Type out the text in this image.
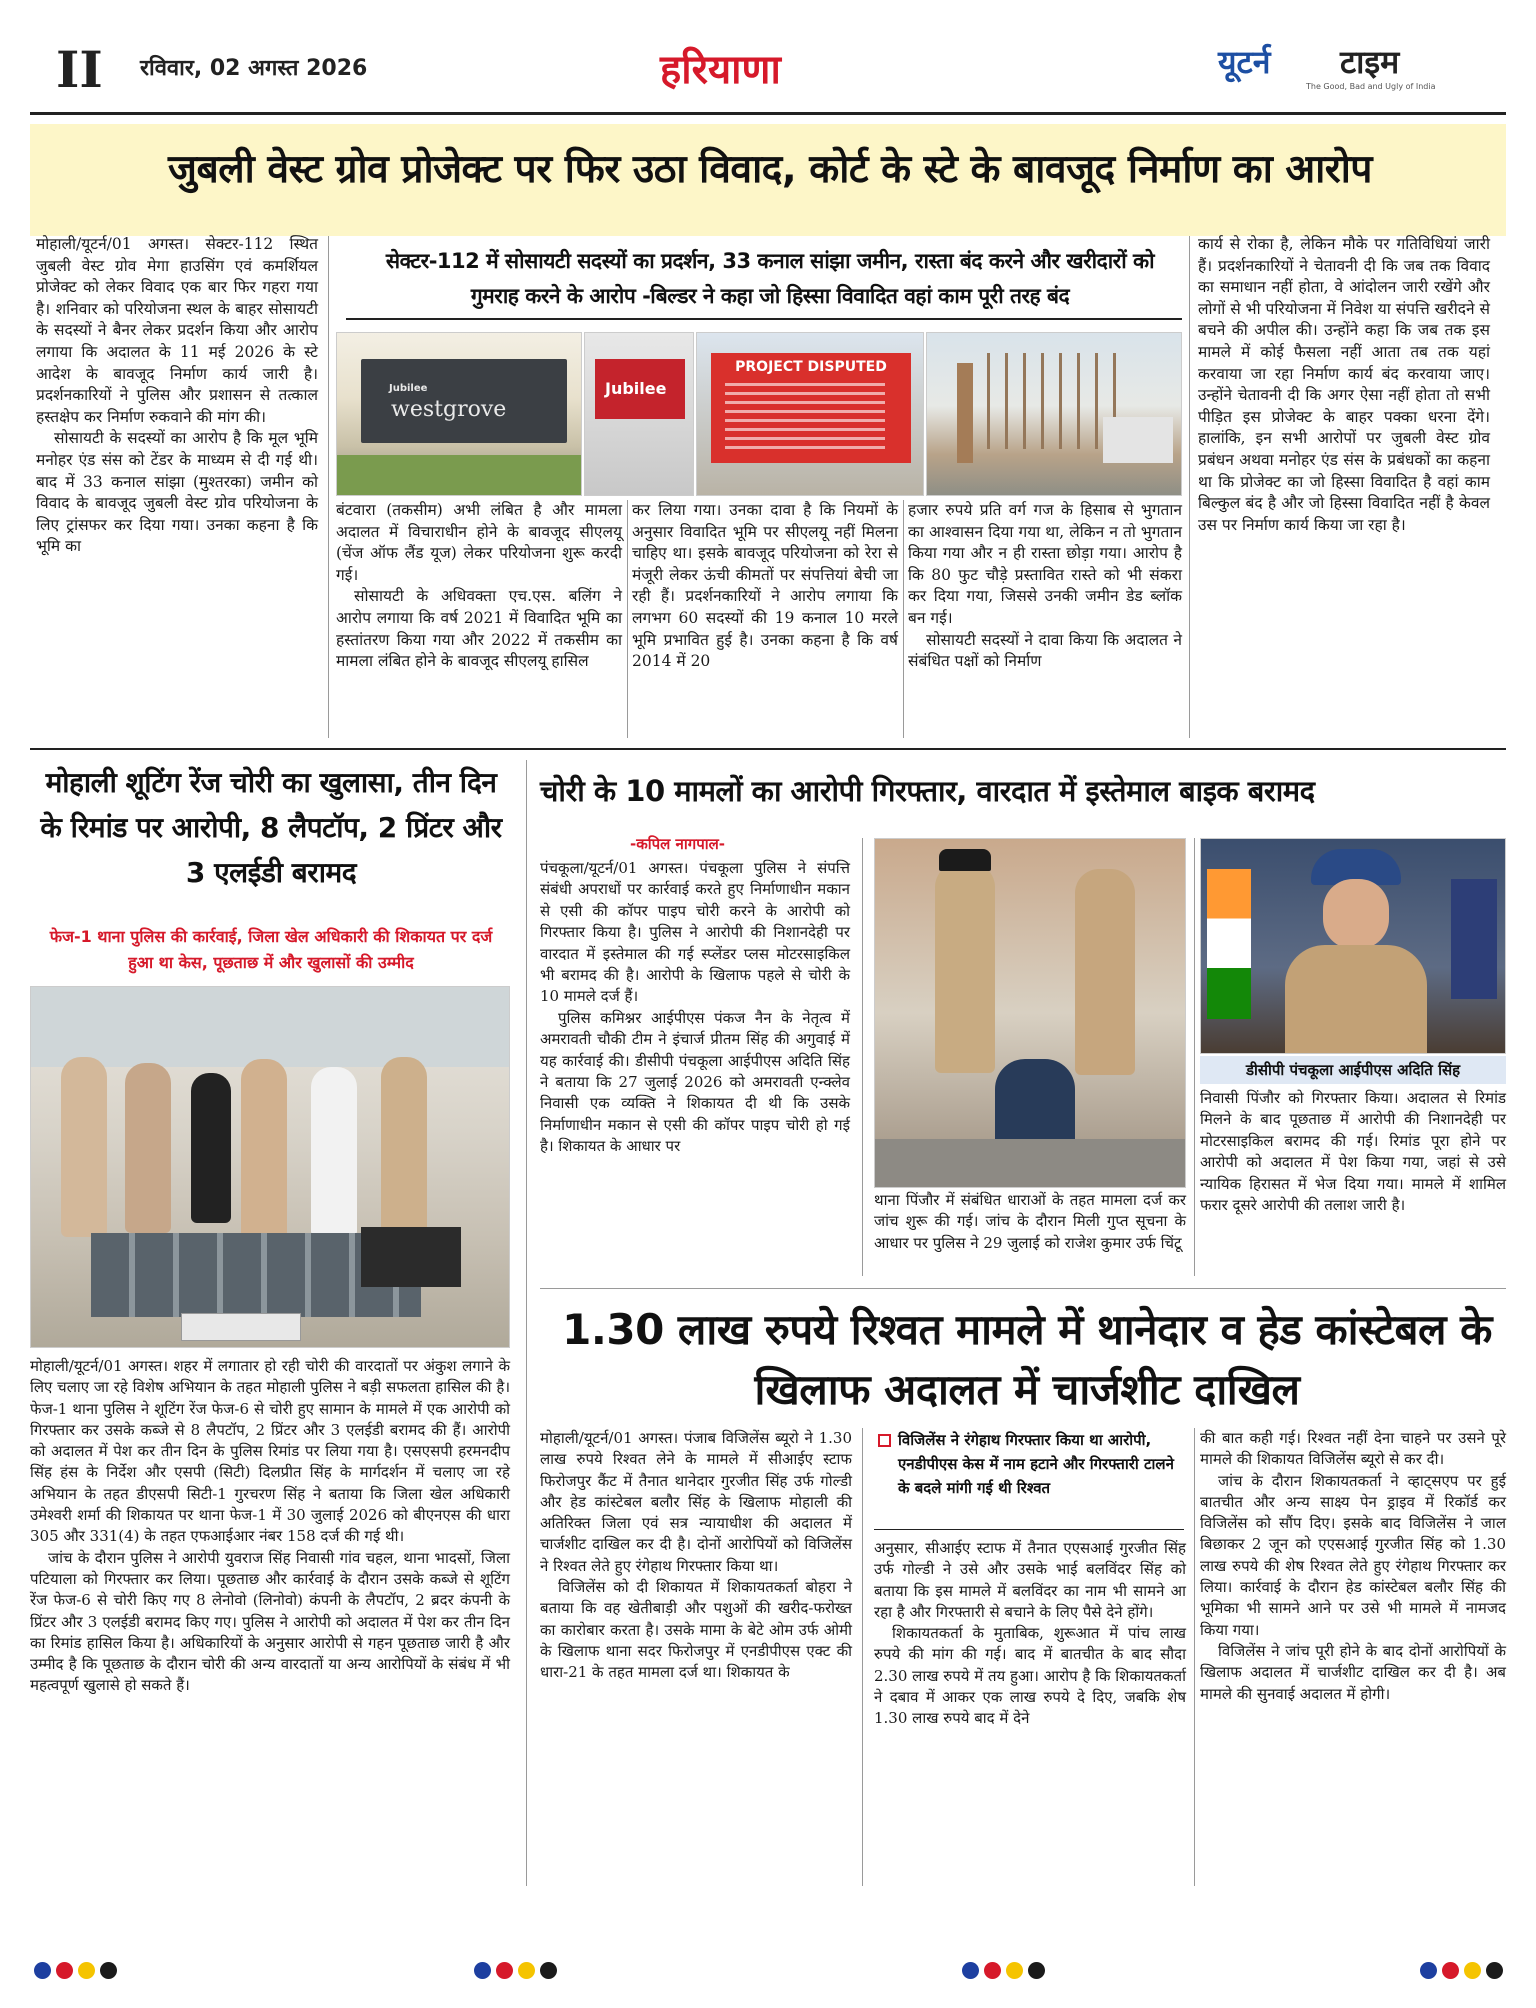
II रविवार, 02 अगस्त 2026	हरियाणा	यूटर्न टाइम
The Good, Bad and Ugly of India
जुबली वेस्ट ग्रोव प्रोजेक्ट पर फिर उठा विवाद, कोर्ट के स्टे के बावजूद निर्माण का आरोप

मोहाली/यूटर्न/01 अगस्त। सेक्टर-112 स्थित जुबली वेस्ट ग्रोव मेगा हाउसिंग एवं कमर्शियल प्रोजेक्ट को लेकर विवाद एक बार फिर गहरा गया है। शनिवार को परियोजना स्थल के बाहर सोसायटी के सदस्यों ने बैनर लेकर प्रदर्शन किया और आरोप लगाया कि अदालत के 11 मई 2026 के स्टे आदेश के बावजूद निर्माण कार्य जारी है। प्रदर्शनकारियों ने पुलिस और प्रशासन से तत्काल हस्तक्षेप कर निर्माण रुकवाने की मांग की।

सोसायटी के सदस्यों का आरोप है कि मूल भूमि मनोहर एंड संस को टेंडर के माध्यम से दी गई थी। बाद में 33 कनाल सांझा (मुश्तरका) जमीन को विवाद के बावजूद जुबली वेस्ट ग्रोव परियोजना के लिए ट्रांसफर कर दिया गया। उनका कहना है कि भूमि का

सेक्टर-112 में सोसायटी सदस्यों का प्रदर्शन, 33 कनाल सांझा जमीन, रास्ता बंद करने और खरीदारों को गुमराह करने के आरोप -बिल्डर ने कहा जो हिस्सा विवादित वहां काम पूरी तरह बंद
Jubilee
westgrove
Jubilee
PROJECT DISPUTED

बंटवारा (तकसीम) अभी लंबित है और मामला अदालत में विचाराधीन होने के बावजूद सीएलयू (चेंज ऑफ लैंड यूज) लेकर परियोजना शुरू करदी गई।

सोसायटी के अधिवक्ता एच.एस. बलिंग ने आरोप लगाया कि वर्ष 2021 में विवादित भूमि का हस्तांतरण किया गया और 2022 में तकसीम का मामला लंबित होने के बावजूद सीएलयू हासिल

कर लिया गया। उनका दावा है कि नियमों के अनुसार विवादित भूमि पर सीएलयू नहीं मिलना चाहिए था। इसके बावजूद परियोजना को रेरा से मंजूरी लेकर ऊंची कीमतों पर संपत्तियां बेची जा रही हैं। प्रदर्शनकारियों ने आरोप लगाया कि लगभग 60 सदस्यों की 19 कनाल 10 मरले भूमि प्रभावित हुई है। उनका कहना है कि वर्ष 2014 में 20

हजार रुपये प्रति वर्ग गज के हिसाब से भुगतान का आश्वासन दिया गया था, लेकिन न तो भुगतान किया गया और न ही रास्ता छोड़ा गया। आरोप है कि 80 फुट चौड़े प्रस्तावित रास्ते को भी संकरा कर दिया गया, जिससे उनकी जमीन डेड ब्लॉक बन गई।

सोसायटी सदस्यों ने दावा किया कि अदालत ने संबंधित पक्षों को निर्माण

कार्य से रोका है, लेकिन मौके पर गतिविधियां जारी हैं। प्रदर्शनकारियों ने चेतावनी दी कि जब तक विवाद का समाधान नहीं होता, वे आंदोलन जारी रखेंगे और लोगों से भी परियोजना में निवेश या संपत्ति खरीदने से बचने की अपील की। उन्होंने कहा कि जब तक इस मामले में कोई फैसला नहीं आता तब तक यहां करवाया जा रहा निर्माण कार्य बंद करवाया जाए। उन्होंने चेतावनी दी कि अगर ऐसा नहीं होता तो सभी पीड़ित इस प्रोजेक्ट के बाहर पक्का धरना देंगे। हालांकि, इन सभी आरोपों पर जुबली वेस्ट ग्रोव प्रबंधन अथवा मनोहर एंड संस के प्रबंधकों का कहना था कि प्रोजेक्ट का जो हिस्सा विवादित है वहां काम बिल्कुल बंद है और जो हिस्सा विवादित नहीं है केवल उस पर निर्माण कार्य किया जा रहा है।

मोहाली शूटिंग रेंज चोरी का खुलासा, तीन दिन के रिमांड पर आरोपी, 8 लैपटॉप, 2 प्रिंटर और 3 एलईडी बरामद
फेज-1 थाना पुलिस की कार्रवाई, जिला खेल अधिकारी की शिकायत पर दर्ज हुआ था केस, पूछताछ में और खुलासों की उम्मीद

मोहाली/यूटर्न/01 अगस्त। शहर में लगातार हो रही चोरी की वारदातों पर अंकुश लगाने के लिए चलाए जा रहे विशेष अभियान के तहत मोहाली पुलिस ने बड़ी सफलता हासिल की है। फेज-1 थाना पुलिस ने शूटिंग रेंज फेज-6 से चोरी हुए सामान के मामले में एक आरोपी को गिरफ्तार कर उसके कब्जे से 8 लैपटॉप, 2 प्रिंटर और 3 एलईडी बरामद की हैं। आरोपी को अदालत में पेश कर तीन दिन के पुलिस रिमांड पर लिया गया है। एसएसपी हरमनदीप सिंह हंस के निर्देश और एसपी (सिटी) दिलप्रीत सिंह के मार्गदर्शन में चलाए जा रहे अभियान के तहत डीएसपी सिटी-1 गुरचरण सिंह ने बताया कि जिला खेल अधिकारी उमेश्वरी शर्मा की शिकायत पर थाना फेज-1 में 30 जुलाई 2026 को बीएनएस की धारा 305 और 331(4) के तहत एफआईआर नंबर 158 दर्ज की गई थी।

जांच के दौरान पुलिस ने आरोपी युवराज सिंह निवासी गांव चहल, थाना भादसों, जिला पटियाला को गिरफ्तार कर लिया। पूछताछ और कार्रवाई के दौरान उसके कब्जे से शूटिंग रेंज फेज-6 से चोरी किए गए 8 लेनोवो (लिनोवो) कंपनी के लैपटॉप, 2 ब्रदर कंपनी के प्रिंटर और 3 एलईडी बरामद किए गए। पुलिस ने आरोपी को अदालत में पेश कर तीन दिन का रिमांड हासिल किया है। अधिकारियों के अनुसार आरोपी से गहन पूछताछ जारी है और उम्मीद है कि पूछताछ के दौरान चोरी की अन्य वारदातों या अन्य आरोपियों के संबंध में भी महत्वपूर्ण खुलासे हो सकते हैं।

चोरी के 10 मामलों का आरोपी गिरफ्तार, वारदात में इस्तेमाल बाइक बरामद
-कपिल नागपाल-

पंचकूला/यूटर्न/01 अगस्त। पंचकूला पुलिस ने संपत्ति संबंधी अपराधों पर कार्रवाई करते हुए निर्माणाधीन मकान से एसी की कॉपर पाइप चोरी करने के आरोपी को गिरफ्तार किया है। पुलिस ने आरोपी की निशानदेही पर वारदात में इस्तेमाल की गई स्प्लेंडर प्लस मोटरसाइकिल भी बरामद की है। आरोपी के खिलाफ पहले से चोरी के 10 मामले दर्ज हैं।

पुलिस कमिश्नर आईपीएस पंकज नैन के नेतृत्व में अमरावती चौकी टीम ने इंचार्ज प्रीतम सिंह की अगुवाई में यह कार्रवाई की। डीसीपी पंचकूला आईपीएस अदिति सिंह ने बताया कि 27 जुलाई 2026 को अमरावती एन्क्लेव निवासी एक व्यक्ति ने शिकायत दी थी कि उसके निर्माणाधीन मकान से एसी की कॉपर पाइप चोरी हो गई है। शिकायत के आधार पर

थाना पिंजौर में संबंधित धाराओं के तहत मामला दर्ज कर जांच शुरू की गई। जांच के दौरान मिली गुप्त सूचना के आधार पर पुलिस ने 29 जुलाई को राजेश कुमार उर्फ चिंटू

डीसीपी पंचकूला आईपीएस अदिति सिंह

निवासी पिंजौर को गिरफ्तार किया। अदालत से रिमांड मिलने के बाद पूछताछ में आरोपी की निशानदेही पर मोटरसाइकिल बरामद की गई। रिमांड पूरा होने पर आरोपी को अदालत में पेश किया गया, जहां से उसे न्यायिक हिरासत में भेज दिया गया। मामले में शामिल फरार दूसरे आरोपी की तलाश जारी है।

1.30 लाख रुपये रिश्वत मामले में थानेदार व हेड कांस्टेबल के खिलाफ अदालत में चार्जशीट दाखिल

मोहाली/यूटर्न/01 अगस्त। पंजाब विजिलेंस ब्यूरो ने 1.30 लाख रुपये रिश्वत लेने के मामले में सीआईए स्टाफ फिरोजपुर कैंट में तैनात थानेदार गुरजीत सिंह उर्फ गोल्डी और हेड कांस्टेबल बलौर सिंह के खिलाफ मोहाली की अतिरिक्त जिला एवं सत्र न्यायाधीश की अदालत में चार्जशीट दाखिल कर दी है। दोनों आरोपियों को विजिलेंस ने रिश्वत लेते हुए रंगेहाथ गिरफ्तार किया था।

विजिलेंस को दी शिकायत में शिकायतकर्ता बोहरा ने बताया कि वह खेतीबाड़ी और पशुओं की खरीद-फरोख्त का कारोबार करता है। उसके मामा के बेटे ओम उर्फ ओमी के खिलाफ थाना सदर फिरोजपुर में एनडीपीएस एक्ट की धारा-21 के तहत मामला दर्ज था। शिकायत के

विजिलेंस ने रंगेहाथ गिरफ्तार किया था आरोपी, एनडीपीएस केस में नाम हटाने और गिरफ्तारी टालने के बदले मांगी गई थी रिश्वत

अनुसार, सीआईए स्टाफ में तैनात एएसआई गुरजीत सिंह उर्फ गोल्डी ने उसे और उसके भाई बलविंदर सिंह को बताया कि इस मामले में बलविंदर का नाम भी सामने आ रहा है और गिरफ्तारी से बचाने के लिए पैसे देने होंगे।

शिकायतकर्ता के मुताबिक, शुरूआत में पांच लाख रुपये की मांग की गई। बाद में बातचीत के बाद सौदा 2.30 लाख रुपये में तय हुआ। आरोप है कि शिकायतकर्ता ने दबाव में आकर एक लाख रुपये दे दिए, जबकि शेष 1.30 लाख रुपये बाद में देने

की बात कही गई। रिश्वत नहीं देना चाहने पर उसने पूरे मामले की शिकायत विजिलेंस ब्यूरो से कर दी।

जांच के दौरान शिकायतकर्ता ने व्हाट्सएप पर हुई बातचीत और अन्य साक्ष्य पेन ड्राइव में रिकॉर्ड कर विजिलेंस को सौंप दिए। इसके बाद विजिलेंस ने जाल बिछाकर 2 जून को एएसआई गुरजीत सिंह को 1.30 लाख रुपये की शेष रिश्वत लेते हुए रंगेहाथ गिरफ्तार कर लिया। कार्रवाई के दौरान हेड कांस्टेबल बलौर सिंह की भूमिका भी सामने आने पर उसे भी मामले में नामजद किया गया।

विजिलेंस ने जांच पूरी होने के बाद दोनों आरोपियों के खिलाफ अदालत में चार्जशीट दाखिल कर दी है। अब मामले की सुनवाई अदालत में होगी।
